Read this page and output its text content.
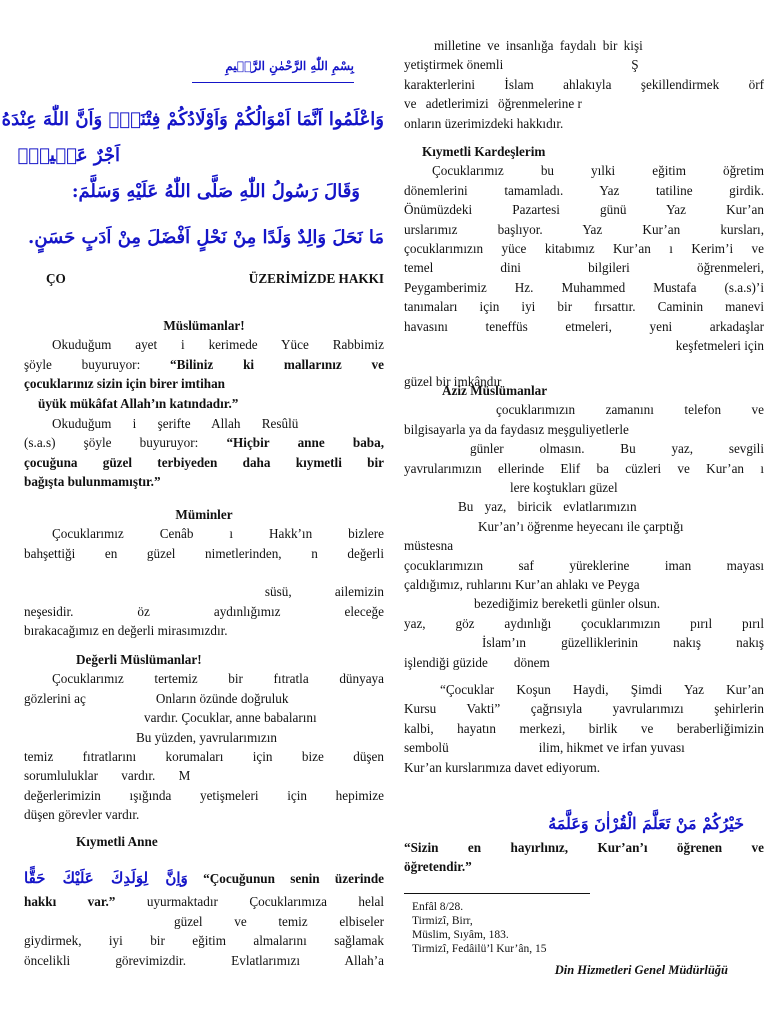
بِسْمِ اللّٰهِ الرَّحْمٰنِ الرَّح۪يمِ
وَاعْلَمُوا اَنَّمَا اَمْوَالُكُمْ وَاَوْلَادُكُمْ فِتْنَةٌۙ وَاَنَّ اللّٰهَ عِنْدَهُ
اَجْرٌ عَظ۪يمٌ۟
وَقَالَ رَسُولُ اللّٰهِ صَلَّى اللّٰهُ عَلَيْهِ وَسَلَّمَ:
مَا نَحَلَ وَالِدٌ وَلَدًا مِنْ نَحْلٍ اَفْضَلَ مِنْ اَدَبٍ حَسَنٍ.
ÇO	ÜZERİMİZDE HAKKI

Müslümanlar!

Okuduğum ayet i kerimede Yüce Rabbimiz

şöyle buyuruyor: “Biliniz ki mallarınız ve

çocuklarınız sizin için birer imtihan

üyük mükâfat Allah’ın katındadır.”

Okuduğum i şerifte Allah Resûlü

(s.a.s) şöyle buyuruyor: “Hiçbir anne baba,

çocuğuna güzel terbiyeden daha kıymetli bir

bağışta bulunmamıştır.”

Müminler

Çocuklarımız Cenâb ı Hakk’ın bizlere

bahşettiği en güzel nimetlerinden, n değerli

süsü, ailemizin

neşesidir. öz aydınlığımız eleceğe

bırakacağımız en değerli mirasımızdır.

Değerli Müslümanlar!

Çocuklarımız tertemiz bir fıtratla dünyaya

gözlerini aç	Onların özünde doğruluk

vardır. Çocuklar, anne babalarını

Bu yüzden, yavrularımızın

temiz fıtratlarını korumaları için bize düşen

sorumluluklar vardır. M

değerlerimizin ışığında yetişmeleri için hepimize

düşen görevler vardır.

Kıymetli Anne

وَاِنَّ لِوَلَدِكَ عَلَيْكَ حَقًّا “Çocuğunun senin üzerinde

hakkı var.” uyurmaktadır Çocuklarımıza helal

güzel ve temiz elbiseler

giydirmek, iyi bir eğitim almalarını sağlamak

öncelikli görevimizdir. Evlatlarımızı Allah’a

milletine ve insanlığa faydalı bir kişi

yetiştirmek önemli	Ş

karakterlerini İslam ahlakıyla şekillendirmek örf

ve adetlerimizi öğrenmelerine r

onların üzerimizdeki hakkıdır.

Kıymetli Kardeşlerim

Çocuklarımız bu yılki eğitim öğretim

dönemlerini tamamladı. Yaz tatiline girdik.

Önümüzdeki Pazartesi günü Yaz Kur’an

urslarımız başlıyor. Yaz Kur’an kursları,

çocuklarımızın yüce kitabımız Kur’an ı Kerim’i ve

temel dini bilgileri öğrenmeleri,

Peygamberimiz Hz. Muhammed Mustafa (s.a.s)’i

tanımaları için iyi bir fırsattır. Caminin manevi

havasını teneffüs etmeleri, yeni arkadaşlar

keşfetmeleri için

güzel bir imkândır

Aziz Müslümanlar

çocuklarımızın zamanını telefon ve

bilgisayarla ya da faydasız meşguliyetlerle

günler olmasın. Bu yaz, sevgili

yavrularımızın ellerinde Elif ba cüzleri ve Kur’an ı

lere koştukları güzel

Bu yaz, biricik evlatlarımızın

Kur’an’ı öğrenme heyecanı ile çarptığı

müstesna

çocuklarımızın saf yüreklerine iman mayası

çaldığımız, ruhlarını Kur’an ahlakı ve Peyga

bezediğimiz bereketli günler olsun.

yaz, göz aydınlığı çocuklarımızın pırıl pırıl

İslam’ın güzelliklerinin nakış nakış

işlendiği güzide dönem

“Çocuklar Koşun Haydi, Şimdi Yaz Kur’an

Kursu Vakti” çağrısıyla yavrularımızı şehirlerin

kalbi, hayatın merkezi, birlik ve beraberliğimizin

sembolü	ilim, hikmet ve irfan yuvası

Kur’an kurslarımıza davet ediyorum.

خَيْرُكُمْ مَنْ تَعَلَّمَ الْقُرْاٰنَ وَعَلَّمَهُ

“Sizin en hayırlınız, Kur’an’ı öğrenen ve

öğretendir.”

Enfâl 8/28.
Tirmizî, Birr,
Müslim, Sıyâm, 183.
Tirmizî, Fedâilü’l Kur’ân, 15
Din Hizmetleri Genel Müdürlüğü
